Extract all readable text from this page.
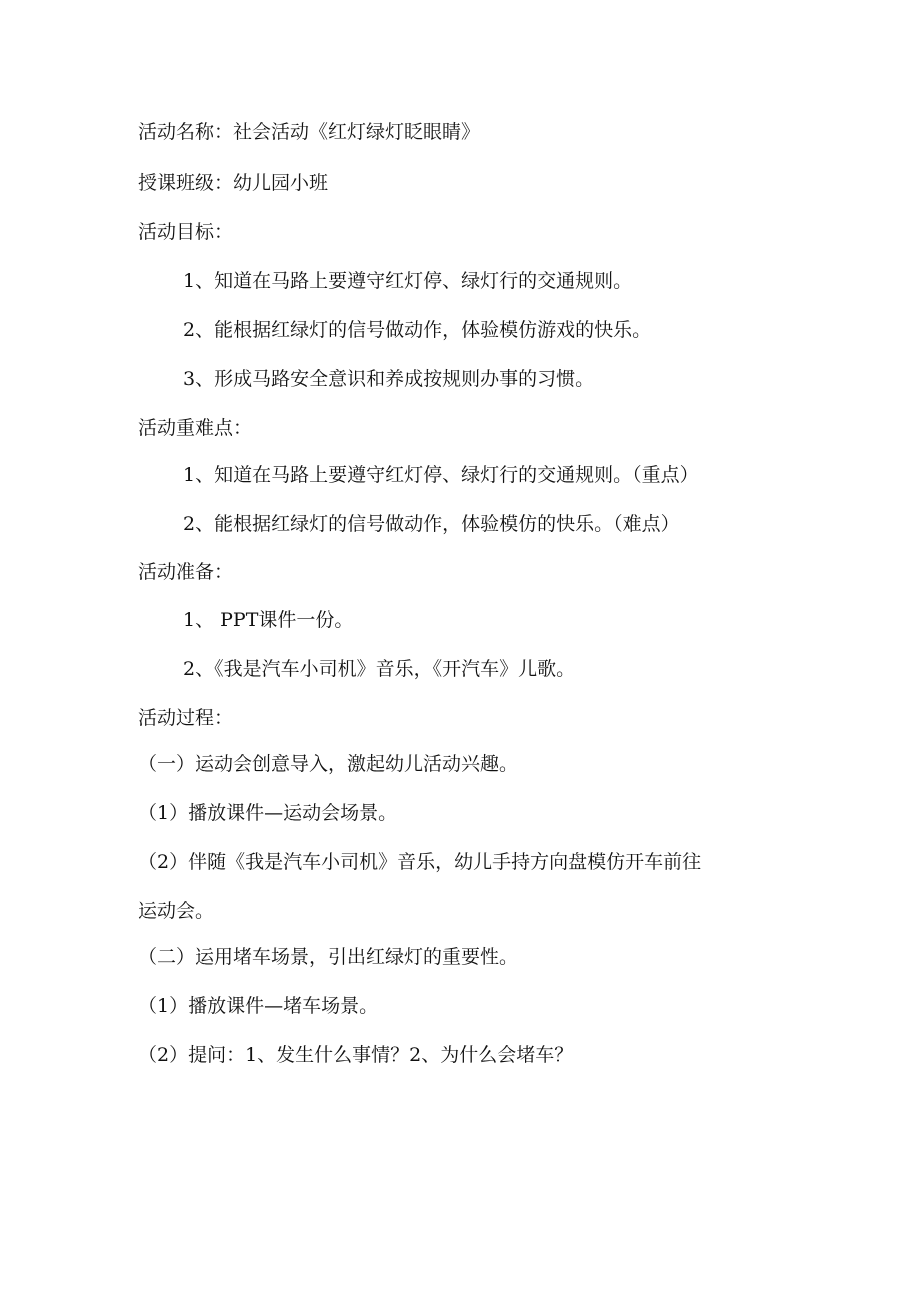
活动名称：社会活动《红灯绿灯眨眼睛》
授课班级：幼儿园小班
活动目标：
1、知道在马路上要遵守红灯停、绿灯行的交通规则。
2、能根据红绿灯的信号做动作，体验模仿游戏的快乐。
3、形成马路安全意识和养成按规则办事的习惯。
活动重难点：
1、知道在马路上要遵守红灯停、绿灯行的交通规则。（重点）
2、能根据红绿灯的信号做动作，体验模仿的快乐。（难点）
活动准备：
1、 PPT课件一份。
2、《我是汽车小司机》音乐，《开汽车》儿歌。
活动过程：
（一）运动会创意导入，激起幼儿活动兴趣。
（1）播放课件—运动会场景。
（2）伴随《我是汽车小司机》音乐，幼儿手持方向盘模仿开车前往
运动会。
（二）运用堵车场景，引出红绿灯的重要性。
（1）播放课件—堵车场景。
（2）提问：1、发生什么事情？2、为什么会堵车？
